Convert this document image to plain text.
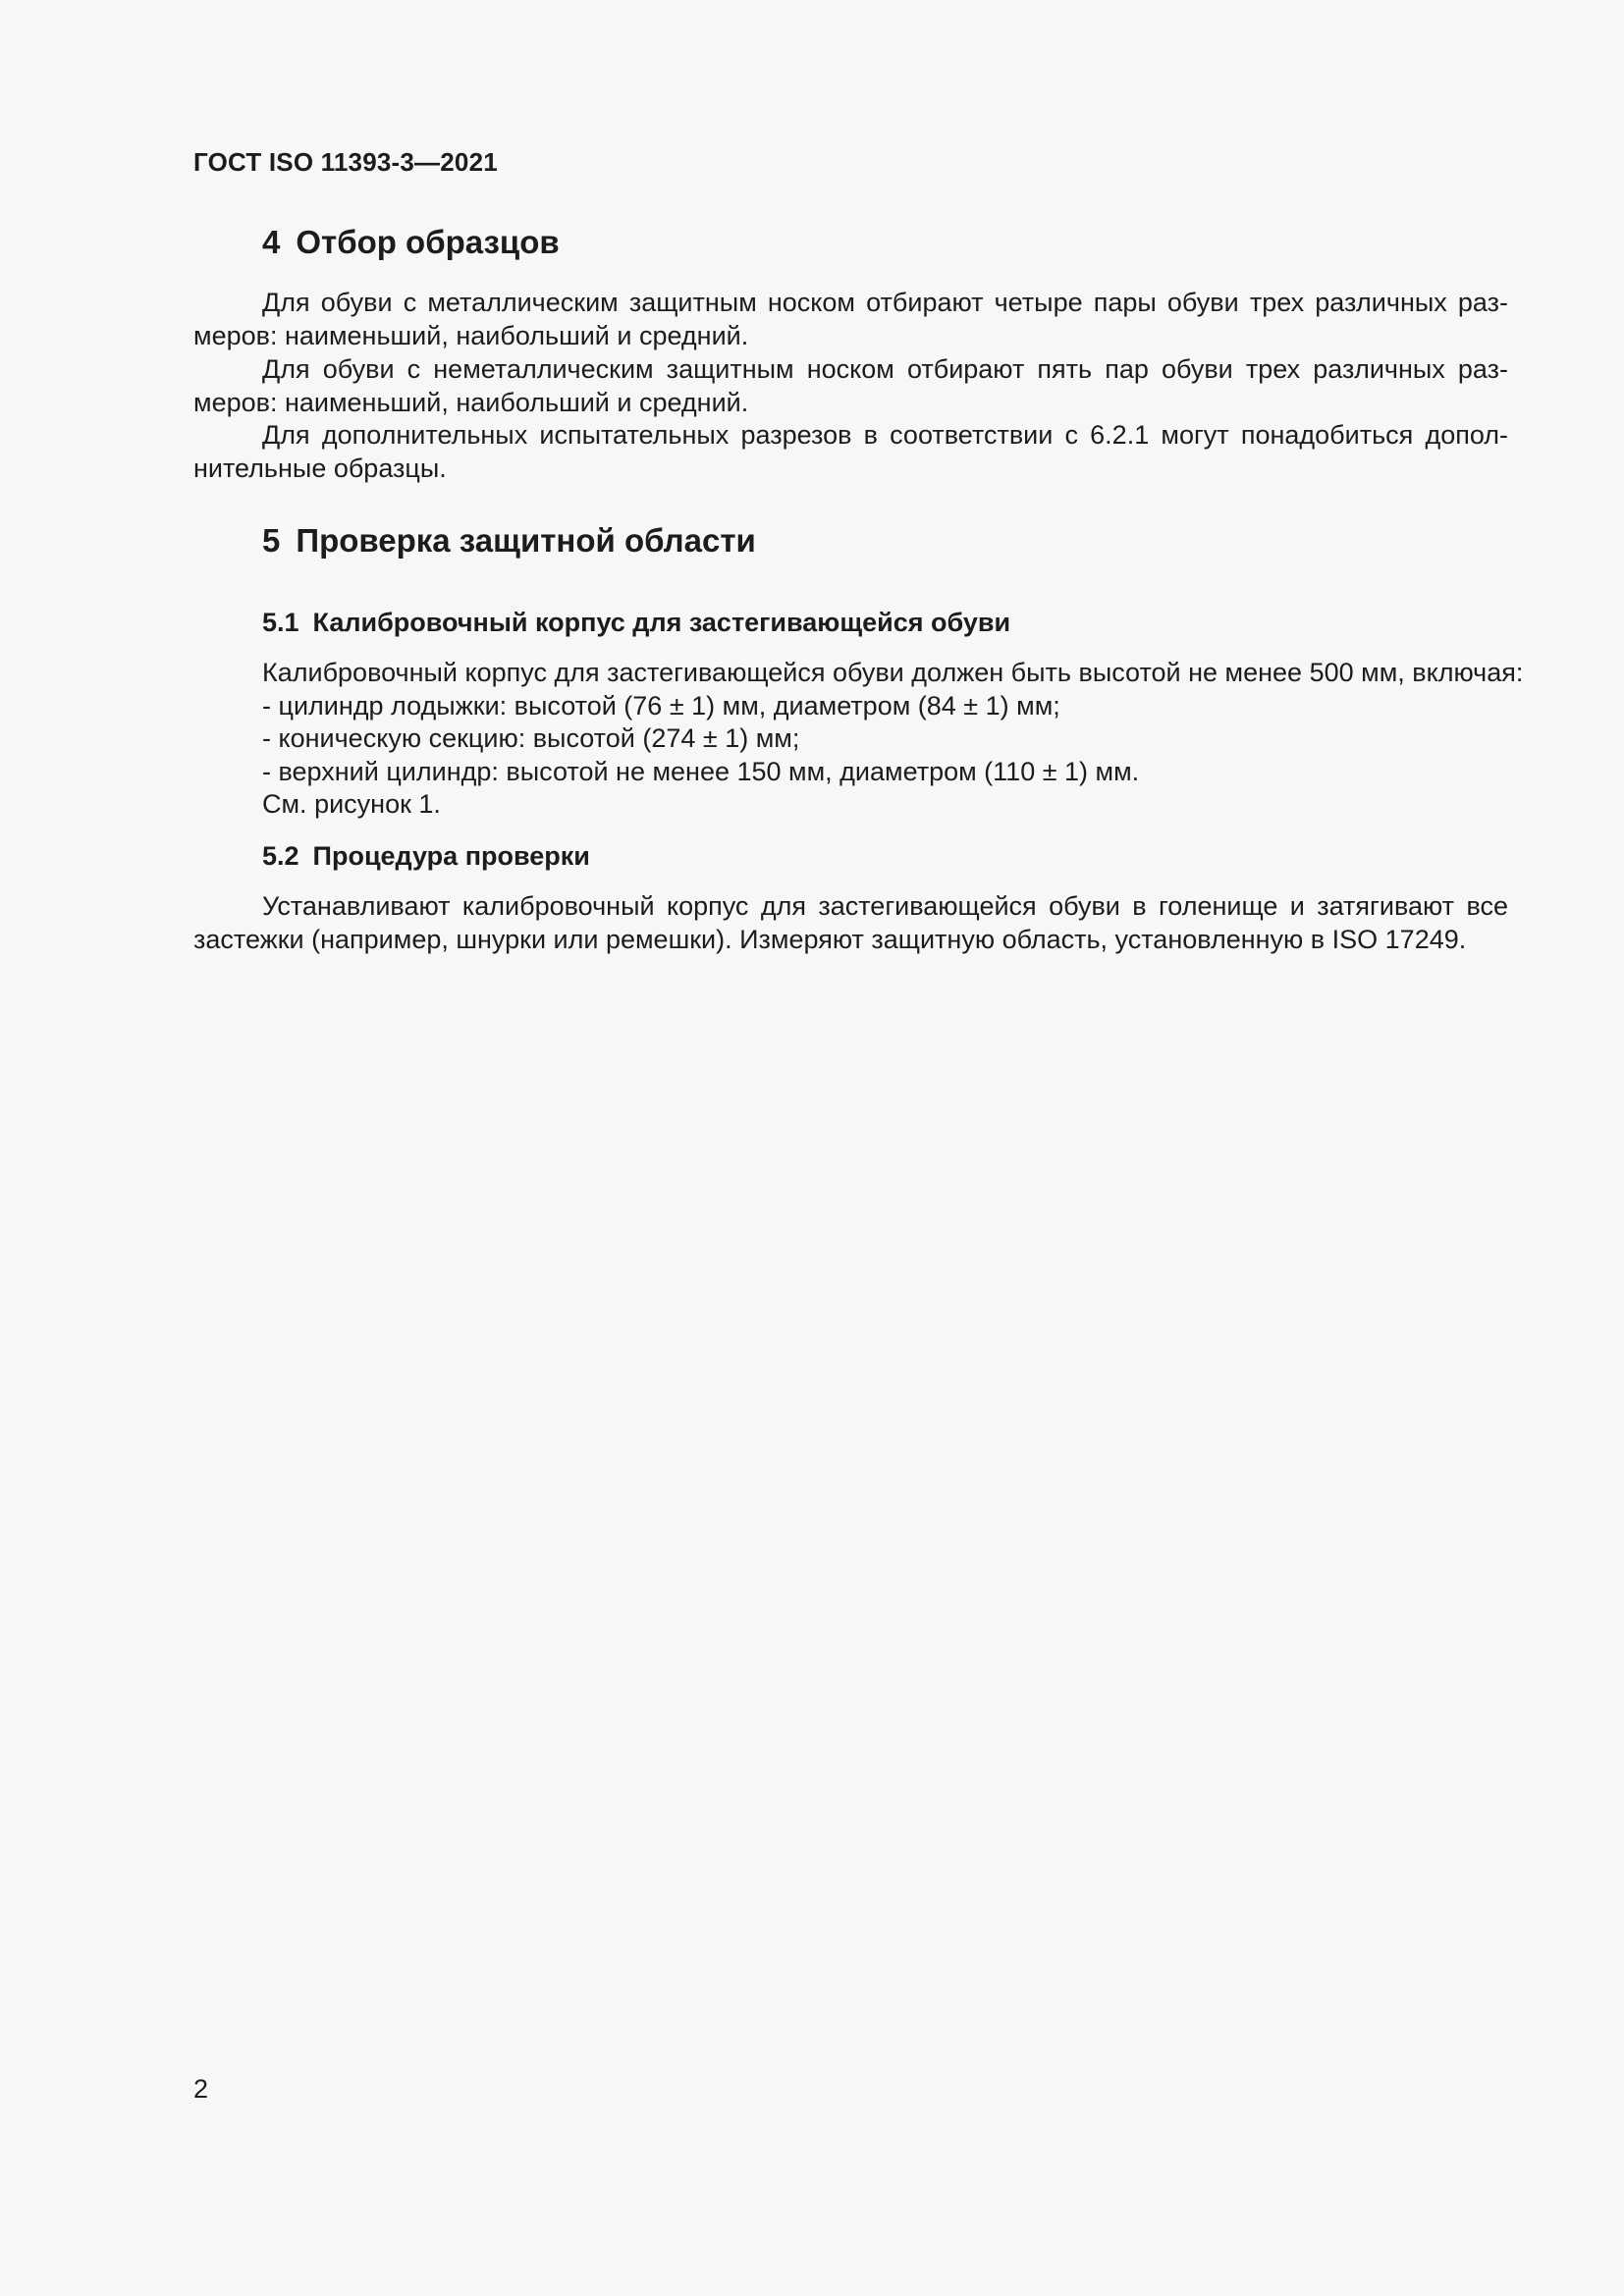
ГОСТ ISO 11393-3—2021
4 Отбор образцов

Для обуви с металлическим защитным носком отбирают четыре пары обуви трех различных раз-меров: наименьший, наибольший и средний.

Для обуви с неметаллическим защитным носком отбирают пять пар обуви трех различных раз-меров: наименьший, наибольший и средний.

Для дополнительных испытательных разрезов в соответствии с 6.2.1 могут понадобиться допол-нительные образцы.

5 Проверка защитной области
5.1 Калибровочный корпус для застегивающейся обуви

Калибровочный корпус для застегивающейся обуви должен быть высотой не менее 500 мм, включая:

- цилиндр лодыжки: высотой (76 ± 1) мм, диаметром (84 ± 1) мм;

- коническую секцию: высотой (274 ± 1) мм;

- верхний цилиндр: высотой не менее 150 мм, диаметром (110 ± 1) мм.

См. рисунок 1.

5.2 Процедура проверки

Устанавливают калибровочный корпус для застегивающейся обуви в голенище и затягивают все застежки (например, шнурки или ремешки). Измеряют защитную область, установленную в ISO 17249.

2
